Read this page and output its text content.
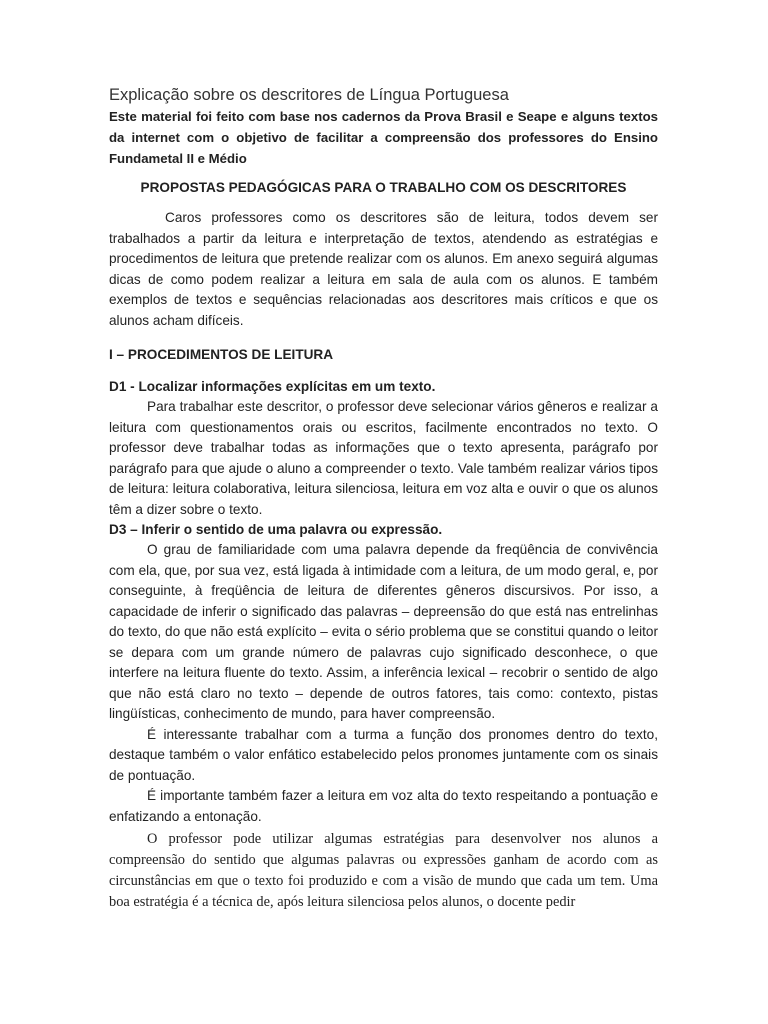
Explicação sobre os descritores de Língua Portuguesa

Este material foi feito com base nos cadernos da Prova Brasil e Seape e alguns textos da internet com o objetivo de facilitar a compreensão dos professores do Ensino Fundametal II e Médio

PROPOSTAS PEDAGÓGICAS PARA O TRABALHO COM OS DESCRITORES

Caros professores como os descritores são de leitura, todos devem ser trabalhados a partir da leitura e interpretação de textos, atendendo as estratégias e procedimentos de leitura que pretende realizar com os alunos. Em anexo seguirá algumas dicas de como podem realizar a leitura em sala de aula com os alunos. E também exemplos de textos e sequências relacionadas aos descritores mais críticos e que os alunos acham difíceis.

I – PROCEDIMENTOS DE LEITURA

D1 - Localizar informações explícitas em um texto.

Para trabalhar este descritor, o professor deve selecionar vários gêneros e realizar a leitura com questionamentos orais ou escritos, facilmente encontrados no texto. O professor deve trabalhar todas as informações que o texto apresenta, parágrafo por parágrafo para que ajude o aluno a compreender o texto. Vale também realizar vários tipos de leitura: leitura colaborativa, leitura silenciosa, leitura em voz alta e ouvir o que os alunos têm a dizer sobre o texto.

D3 – Inferir o sentido de uma palavra ou expressão.

O grau de familiaridade com uma palavra depende da freqüência de convivência com ela, que, por sua vez, está ligada à intimidade com a leitura, de um modo geral, e, por conseguinte, à freqüência de leitura de diferentes gêneros discursivos. Por isso, a capacidade de inferir o significado das palavras – depreensão do que está nas entrelinhas do texto, do que não está explícito – evita o sério problema que se constitui quando o leitor se depara com um grande número de palavras cujo significado desconhece, o que interfere na leitura fluente do texto. Assim, a inferência lexical – recobrir o sentido de algo que não está claro no texto – depende de outros fatores, tais como: contexto, pistas lingüísticas, conhecimento de mundo, para haver compreensão.

É interessante trabalhar com a turma a função dos pronomes dentro do texto, destaque também o valor enfático estabelecido pelos pronomes juntamente com os sinais de pontuação.

É importante também fazer a leitura em voz alta do texto respeitando a pontuação e enfatizando a entonação.

O professor pode utilizar algumas estratégias para desenvolver nos alunos a compreensão do sentido que algumas palavras ou expressões ganham de acordo com as circunstâncias em que o texto foi produzido e com a visão de mundo que cada um tem. Uma boa estratégia é a técnica de, após leitura silenciosa pelos alunos, o docente pedir
